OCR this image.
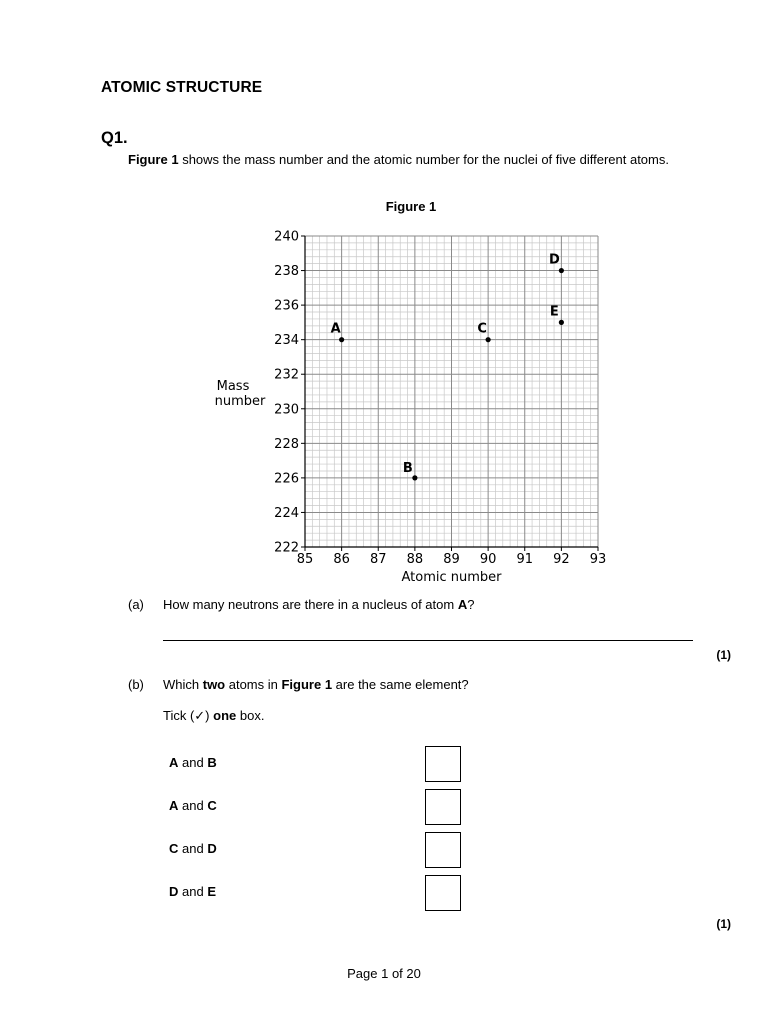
ATOMIC STRUCTURE
Q1.
Figure 1 shows the mass number and the atomic number for the nuclei of five different atoms.
Figure 1
85 86 87 88 89 90 91 92 93
222
224
226
228
230
232
234
236
238
240
A
B
C
D
E
Atomic number
Mass
number
(a) How many neutrons are there in a nucleus of atom A?
(1)
(b) Which two atoms in Figure 1 are the same element?
Tick (✓) one box.
A and B
A and C
C and D
D and E
(1)
Page 1 of 20
